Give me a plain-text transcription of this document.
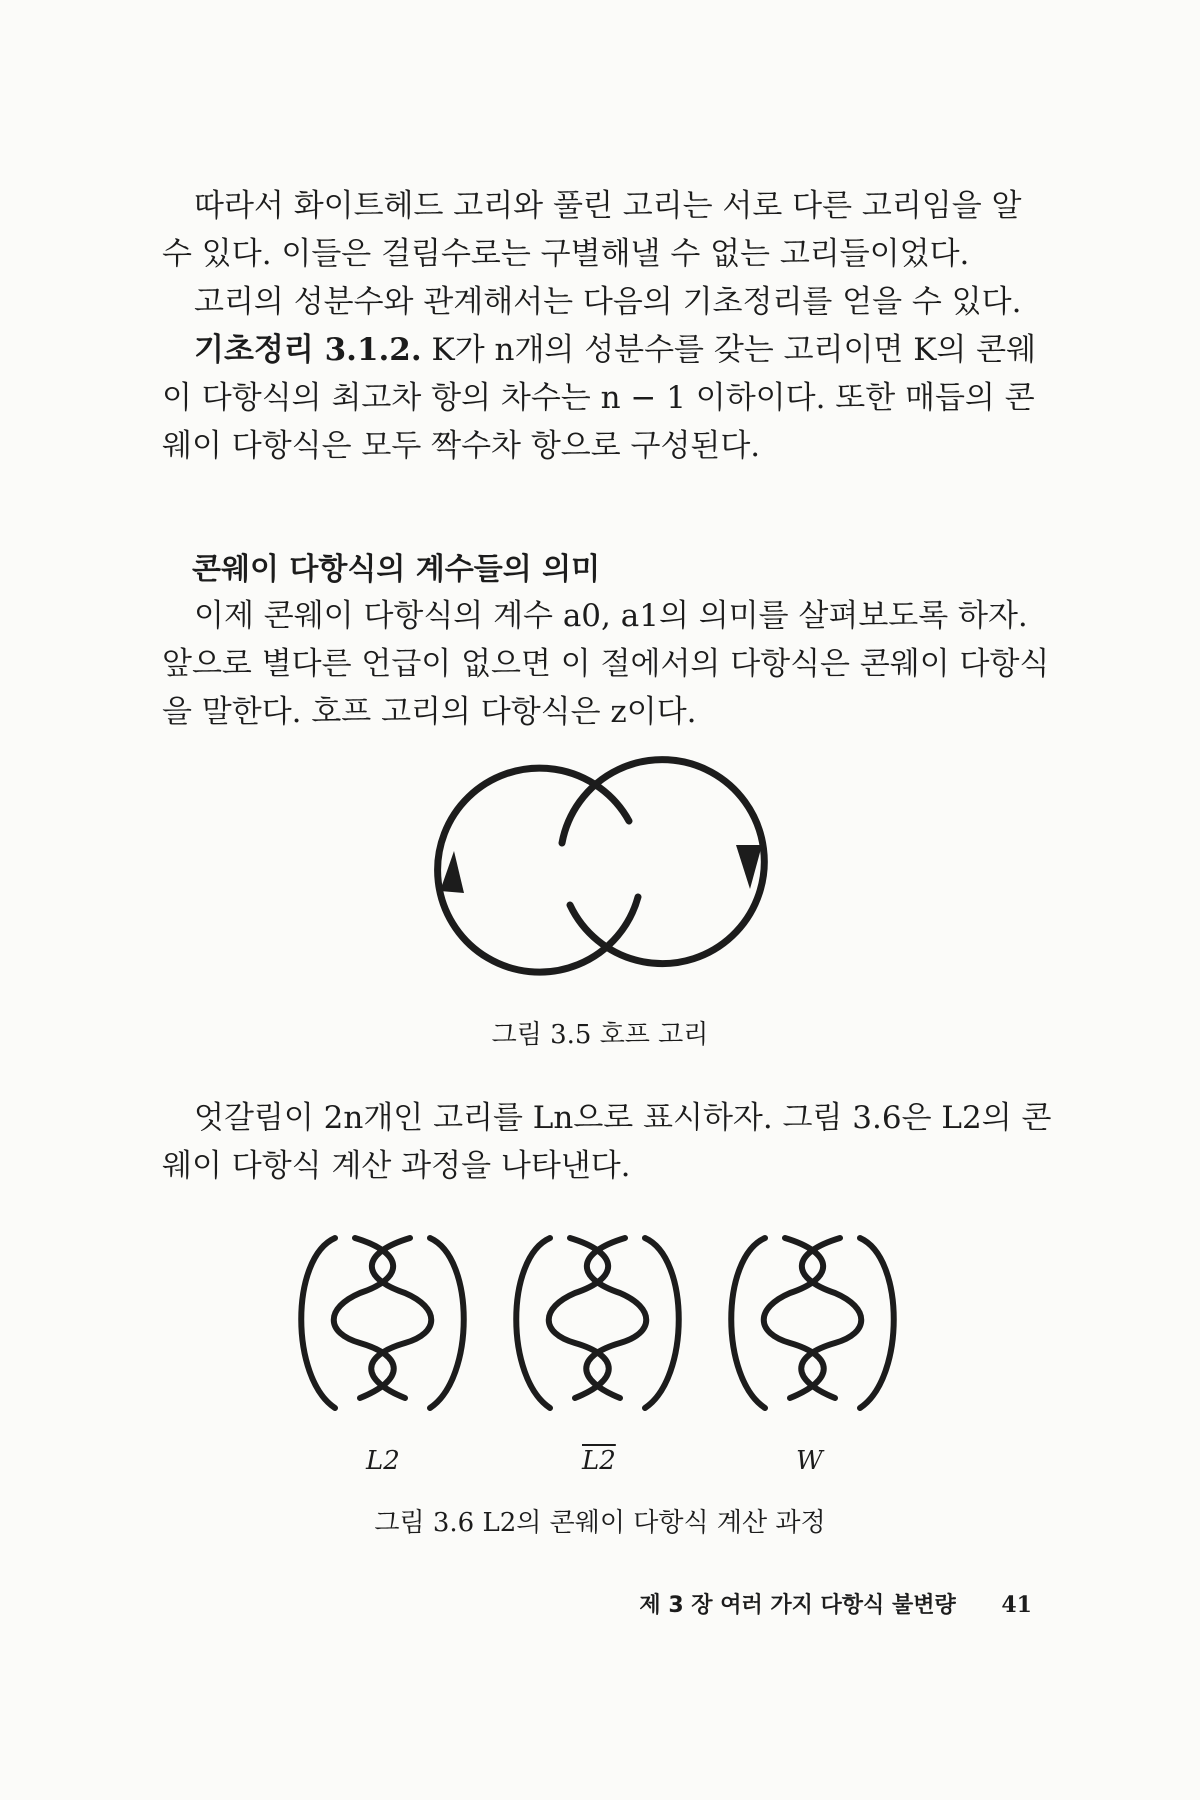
따라서 화이트헤드 고리와 풀린 고리는 서로 다른 고리임을 알 수 있다. 이들은 걸림수로는 구별해낼 수 없는 고리들이었다.

고리의 성분수와 관계해서는 다음의 기초정리를 얻을 수 있다.

기초정리 3.1.2. K가 n개의 성분수를 갖는 고리이면 K의 콘웨이 다항식의 최고차 항의 차수는 n − 1 이하이다. 또한 매듭의 콘웨이 다항식은 모두 짝수차 항으로 구성된다.

콘웨이 다항식의 계수들의 의미

이제 콘웨이 다항식의 계수 a0, a1의 의미를 살펴보도록 하자. 앞으로 별다른 언급이 없으면 이 절에서의 다항식은 콘웨이 다항식을 말한다. 호프 고리의 다항식은 z이다.

그림 3.5 호프 고리

엇갈림이 2n개인 고리를 Ln으로 표시하자. 그림 3.6은 L2의 콘웨이 다항식 계산 과정을 나타낸다.

L2	L2	W

그림 3.6 L2의 콘웨이 다항식 계산 과정

제 3 장 여러 가지 다항식 불변량 41
